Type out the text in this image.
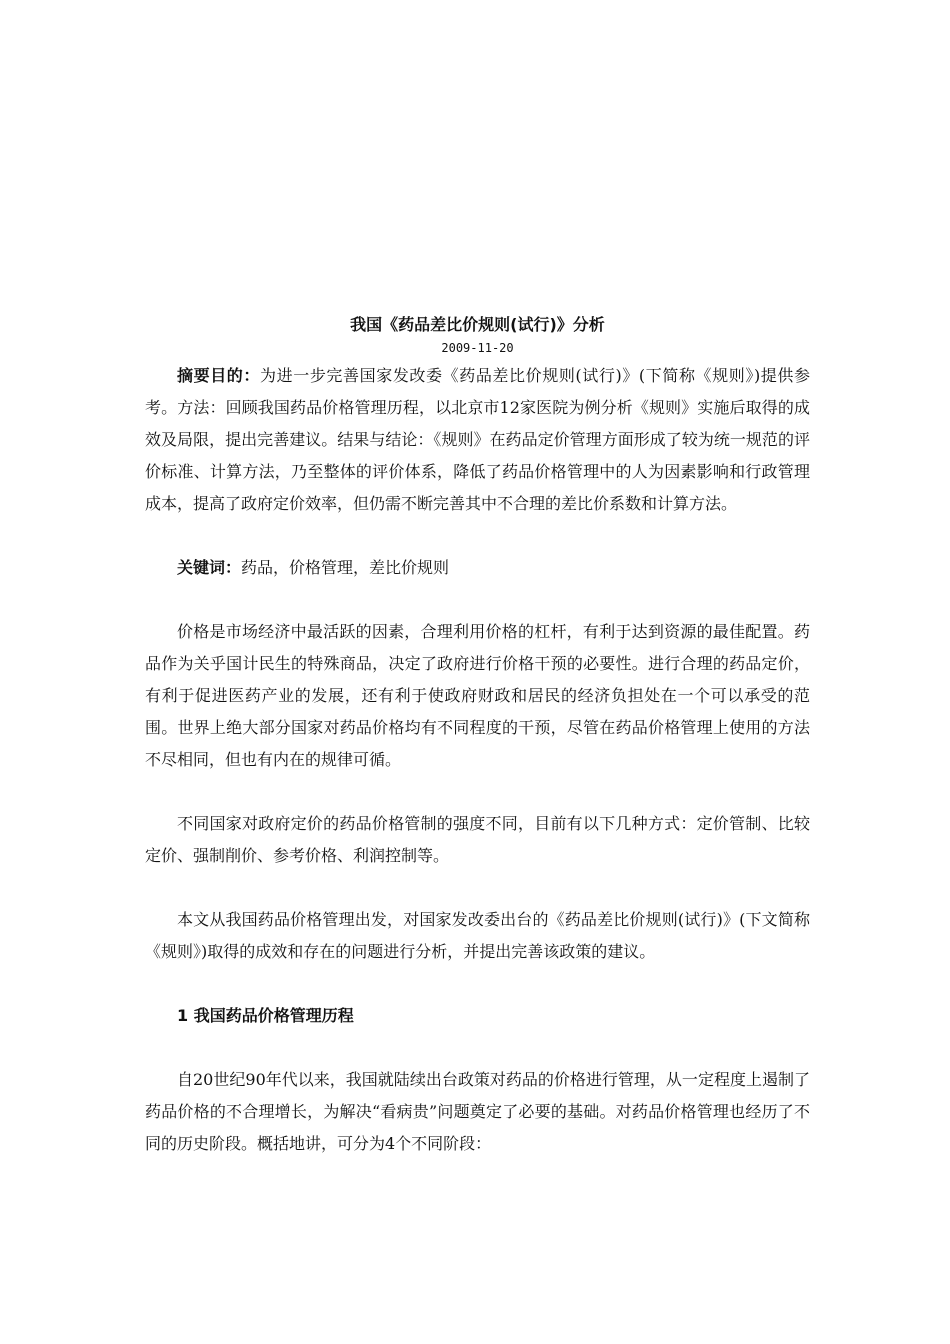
我国《药品差比价规则(试行)》分析
2009-11-20

摘要目的：为进一步完善国家发改委《药品差比价规则(试行)》(下简称《规则》)提供参考。方法：回顾我国药品价格管理历程，以北京市12家医院为例分析《规则》实施后取得的成效及局限，提出完善建议。结果与结论：《规则》在药品定价管理方面形成了较为统一规范的评价标准、计算方法，乃至整体的评价体系，降低了药品价格管理中的人为因素影响和行政管理成本，提高了政府定价效率，但仍需不断完善其中不合理的差比价系数和计算方法。

关键词：药品，价格管理，差比价规则

价格是市场经济中最活跃的因素，合理利用价格的杠杆，有利于达到资源的最佳配置。药品作为关乎国计民生的特殊商品，决定了政府进行价格干预的必要性。进行合理的药品定价，有利于促进医药产业的发展，还有利于使政府财政和居民的经济负担处在一个可以承受的范围。世界上绝大部分国家对药品价格均有不同程度的干预，尽管在药品价格管理上使用的方法不尽相同，但也有内在的规律可循。

不同国家对政府定价的药品价格管制的强度不同，目前有以下几种方式：定价管制、比较定价、强制削价、参考价格、利润控制等。

本文从我国药品价格管理出发，对国家发改委出台的《药品差比价规则(试行)》(下文简称《规则》)取得的成效和存在的问题进行分析，并提出完善该政策的建议。

1 我国药品价格管理历程

自20世纪90年代以来，我国就陆续出台政策对药品的价格进行管理，从一定程度上遏制了药品价格的不合理增长，为解决“看病贵”问题奠定了必要的基础。对药品价格管理也经历了不同的历史阶段。概括地讲，可分为4个不同阶段：
